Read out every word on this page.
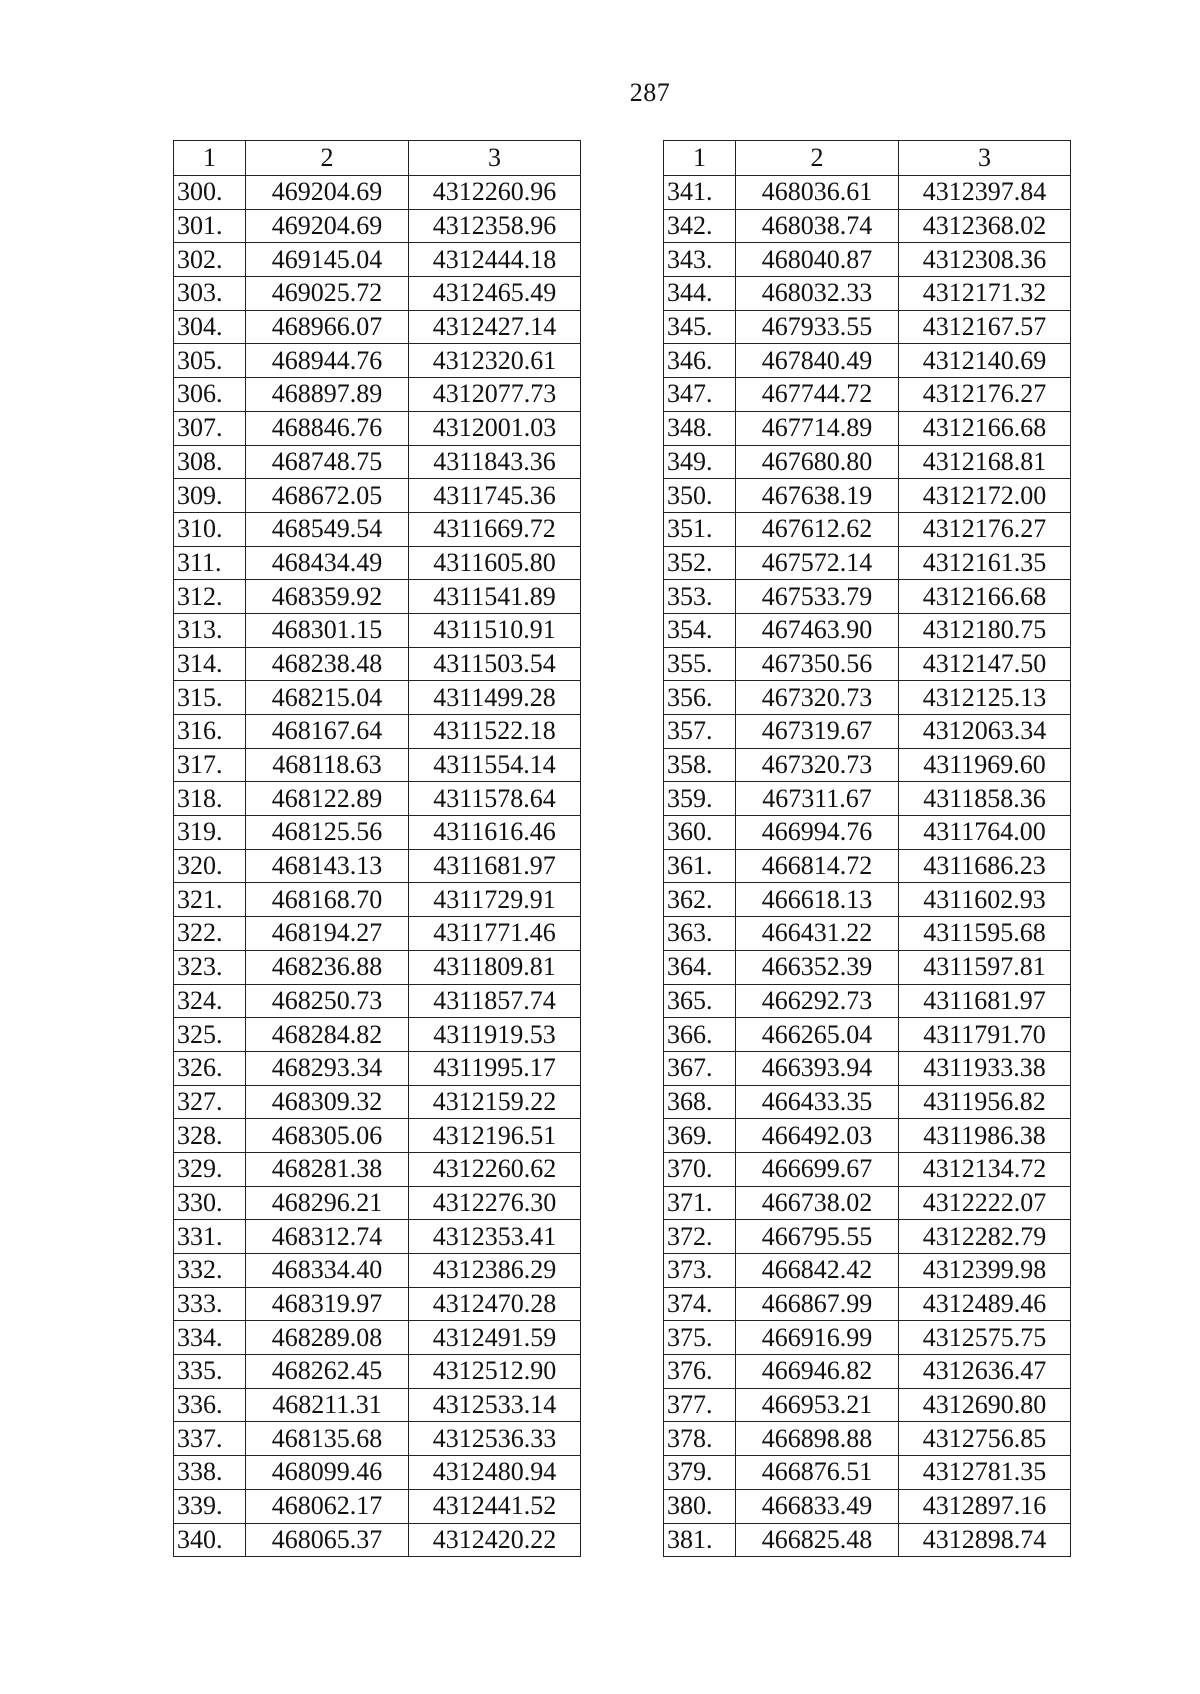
287
1	2	3
300.	469204.69	4312260.96
301.	469204.69	4312358.96
302.	469145.04	4312444.18
303.	469025.72	4312465.49
304.	468966.07	4312427.14
305.	468944.76	4312320.61
306.	468897.89	4312077.73
307.	468846.76	4312001.03
308.	468748.75	4311843.36
309.	468672.05	4311745.36
310.	468549.54	4311669.72
311.	468434.49	4311605.80
312.	468359.92	4311541.89
313.	468301.15	4311510.91
314.	468238.48	4311503.54
315.	468215.04	4311499.28
316.	468167.64	4311522.18
317.	468118.63	4311554.14
318.	468122.89	4311578.64
319.	468125.56	4311616.46
320.	468143.13	4311681.97
321.	468168.70	4311729.91
322.	468194.27	4311771.46
323.	468236.88	4311809.81
324.	468250.73	4311857.74
325.	468284.82	4311919.53
326.	468293.34	4311995.17
327.	468309.32	4312159.22
328.	468305.06	4312196.51
329.	468281.38	4312260.62
330.	468296.21	4312276.30
331.	468312.74	4312353.41
332.	468334.40	4312386.29
333.	468319.97	4312470.28
334.	468289.08	4312491.59
335.	468262.45	4312512.90
336.	468211.31	4312533.14
337.	468135.68	4312536.33
338.	468099.46	4312480.94
339.	468062.17	4312441.52
340.	468065.37	4312420.22
1	2	3
341.	468036.61	4312397.84
342.	468038.74	4312368.02
343.	468040.87	4312308.36
344.	468032.33	4312171.32
345.	467933.55	4312167.57
346.	467840.49	4312140.69
347.	467744.72	4312176.27
348.	467714.89	4312166.68
349.	467680.80	4312168.81
350.	467638.19	4312172.00
351.	467612.62	4312176.27
352.	467572.14	4312161.35
353.	467533.79	4312166.68
354.	467463.90	4312180.75
355.	467350.56	4312147.50
356.	467320.73	4312125.13
357.	467319.67	4312063.34
358.	467320.73	4311969.60
359.	467311.67	4311858.36
360.	466994.76	4311764.00
361.	466814.72	4311686.23
362.	466618.13	4311602.93
363.	466431.22	4311595.68
364.	466352.39	4311597.81
365.	466292.73	4311681.97
366.	466265.04	4311791.70
367.	466393.94	4311933.38
368.	466433.35	4311956.82
369.	466492.03	4311986.38
370.	466699.67	4312134.72
371.	466738.02	4312222.07
372.	466795.55	4312282.79
373.	466842.42	4312399.98
374.	466867.99	4312489.46
375.	466916.99	4312575.75
376.	466946.82	4312636.47
377.	466953.21	4312690.80
378.	466898.88	4312756.85
379.	466876.51	4312781.35
380.	466833.49	4312897.16
381.	466825.48	4312898.74
